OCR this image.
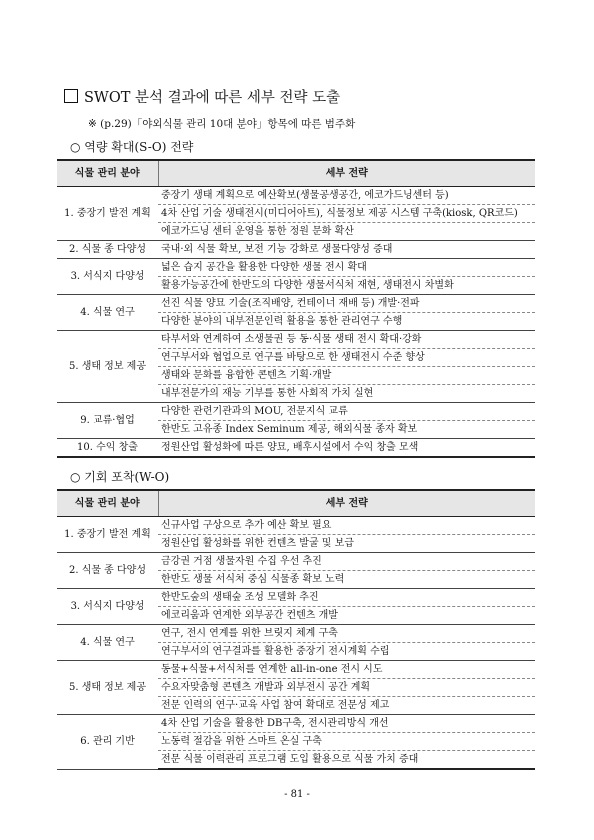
SWOT 분석 결과에 따른 세부 전략 도출
※ (p.29)「야외식물 관리 10대 분야」항목에 따른 범주화
○ 역량 확대(S-O) 전략
식물 관리 분야	세부 전략
1. 중장기 발전 계획	중장기 생태 계획으로 예산확보(생물공생공간, 에코가드닝센터 등)
	4차 산업 기술 생태전시(미디어아트), 식물정보 제공 시스템 구축(kiosk, QR코드)
	에코가드닝 센터 운영을 통한 정원 문화 확산
2. 식물 종 다양성	국내·외 식물 확보, 보전 기능 강화로 생물다양성 증대
3. 서식지 다양성	넓은 습지 공간을 활용한 다양한 생물 전시 확대
	활용가능공간에 한반도의 다양한 생물서식처 재현, 생태전시 차별화
4. 식물 연구	선진 식물 양묘 기술(조직배양, 컨테이너 재배 등) 개발·전파
	다양한 분야의 내부전문인력 활용을 통한 관리연구 수행
5. 생태 정보 제공	타부서와 연계하여 소생물권 등 동·식물 생태 전시 확대·강화
	연구부서와 협업으로 연구를 바탕으로 한 생태전시 수준 향상
	생태와 문화를 융합한 콘텐츠 기획·개발
	내부전문가의 재능 기부를 통한 사회적 가치 실현
9. 교류·협업	다양한 관련기관과의 MOU, 전문지식 교류
	한반도 고유종 Index Seminum 제공, 해외식물 종자 확보
10. 수익 창출	정원산업 활성화에 따른 양묘, 배후시설에서 수익 창출 모색
○ 기회 포착(W-O)
식물 관리 분야	세부 전략
1. 중장기 발전 계획	신규사업 구상으로 추가 예산 확보 필요
	정원산업 활성화를 위한 컨텐츠 발굴 및 보급
2. 식물 종 다양성	금강권 거점 생물자원 수집 우선 추진
	한반도 생물 서식처 중심 식물종 확보 노력
3. 서식지 다양성	한반도숲의 생태숲 조성 모델화 추진
	에코리움과 연계한 외부공간 컨텐츠 개발
4. 식물 연구	연구, 전시 연계를 위한 브릿지 체계 구축
	연구부서의 연구결과를 활용한 중장기 전시계획 수립
5. 생태 정보 제공	동물+식물+서식처를 연계한 all-in-one 전시 시도
	수요자맞춤형 콘텐츠 개발과 외부전시 공간 계획
	전문 인력의 연구·교육 사업 참여 확대로 전문성 제고
6. 관리 기반	4차 산업 기술을 활용한 DB구축, 전시관리방식 개선
	노동력 절감을 위한 스마트 온실 구축
	전문 식물 이력관리 프로그램 도입 활용으로 식물 가치 증대
- 81 -
